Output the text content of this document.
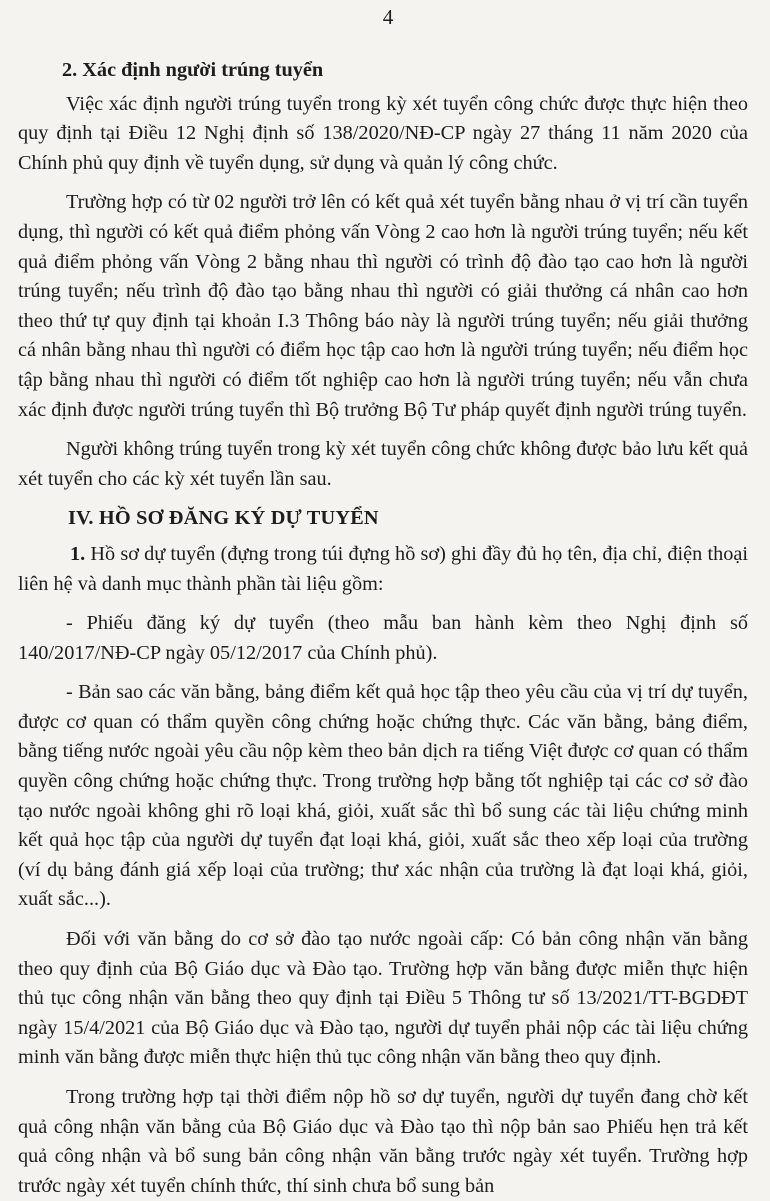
4
2. Xác định người trúng tuyển

Việc xác định người trúng tuyển trong kỳ xét tuyển công chức được thực hiện theo quy định tại Điều 12 Nghị định số 138/2020/NĐ-CP ngày 27 tháng 11 năm 2020 của Chính phủ quy định về tuyển dụng, sử dụng và quản lý công chức.

Trường hợp có từ 02 người trở lên có kết quả xét tuyển bằng nhau ở vị trí cần tuyển dụng, thì người có kết quả điểm phỏng vấn Vòng 2 cao hơn là người trúng tuyển; nếu kết quả điểm phỏng vấn Vòng 2 bằng nhau thì người có trình độ đào tạo cao hơn là người trúng tuyển; nếu trình độ đào tạo bằng nhau thì người có giải thưởng cá nhân cao hơn theo thứ tự quy định tại khoản I.3 Thông báo này là người trúng tuyển; nếu giải thưởng cá nhân bằng nhau thì người có điểm học tập cao hơn là người trúng tuyển; nếu điểm học tập bằng nhau thì người có điểm tốt nghiệp cao hơn là người trúng tuyển; nếu vẫn chưa xác định được người trúng tuyển thì Bộ trưởng Bộ Tư pháp quyết định người trúng tuyển.

Người không trúng tuyển trong kỳ xét tuyển công chức không được bảo lưu kết quả xét tuyển cho các kỳ xét tuyển lần sau.

IV. HỒ SƠ ĐĂNG KÝ DỰ TUYỂN

1. Hồ sơ dự tuyển (đựng trong túi đựng hồ sơ) ghi đầy đủ họ tên, địa chỉ, điện thoại liên hệ và danh mục thành phần tài liệu gồm:

- Phiếu đăng ký dự tuyển (theo mẫu ban hành kèm theo Nghị định số 140/2017/NĐ-CP ngày 05/12/2017 của Chính phủ).

- Bản sao các văn bằng, bảng điểm kết quả học tập theo yêu cầu của vị trí dự tuyển, được cơ quan có thẩm quyền công chứng hoặc chứng thực. Các văn bằng, bảng điểm, bằng tiếng nước ngoài yêu cầu nộp kèm theo bản dịch ra tiếng Việt được cơ quan có thẩm quyền công chứng hoặc chứng thực. Trong trường hợp bằng tốt nghiệp tại các cơ sở đào tạo nước ngoài không ghi rõ loại khá, giỏi, xuất sắc thì bổ sung các tài liệu chứng minh kết quả học tập của người dự tuyển đạt loại khá, giỏi, xuất sắc theo xếp loại của trường (ví dụ bảng đánh giá xếp loại của trường; thư xác nhận của trường là đạt loại khá, giỏi, xuất sắc...).

Đối với văn bằng do cơ sở đào tạo nước ngoài cấp: Có bản công nhận văn bằng theo quy định của Bộ Giáo dục và Đào tạo. Trường hợp văn bằng được miễn thực hiện thủ tục công nhận văn bằng theo quy định tại Điều 5 Thông tư số 13/2021/TT-BGDĐT ngày 15/4/2021 của Bộ Giáo dục và Đào tạo, người dự tuyển phải nộp các tài liệu chứng minh văn bằng được miễn thực hiện thủ tục công nhận văn bằng theo quy định.

Trong trường hợp tại thời điểm nộp hồ sơ dự tuyển, người dự tuyển đang chờ kết quả công nhận văn bằng của Bộ Giáo dục và Đào tạo thì nộp bản sao Phiếu hẹn trả kết quả công nhận và bổ sung bản công nhận văn bằng trước ngày xét tuyển. Trường hợp trước ngày xét tuyển chính thức, thí sinh chưa bổ sung bản
